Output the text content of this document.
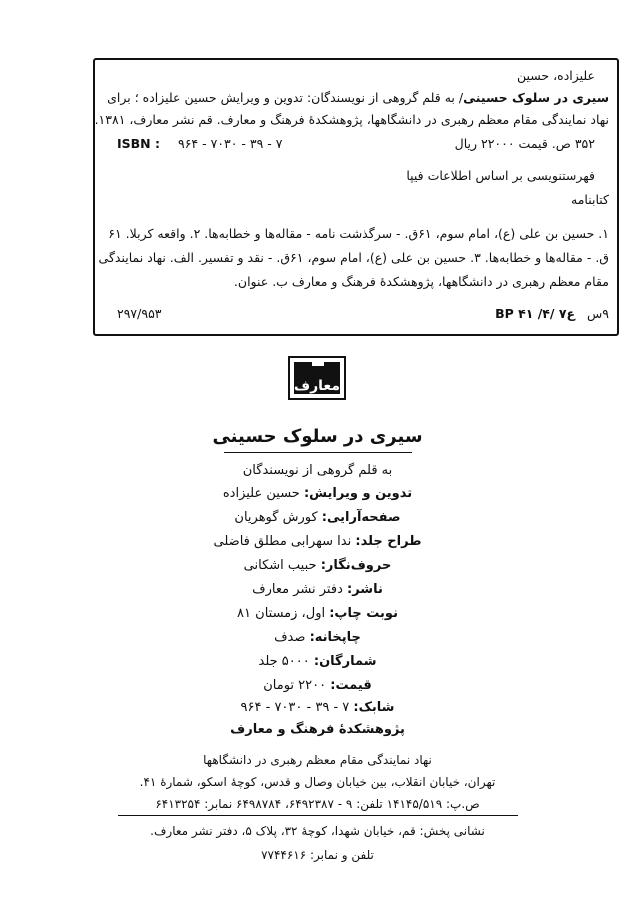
علیزاده، حسین
سیری در سلوک حسینی/ به قلم گروهی از نویسندگان: تدوین و ویرایش حسین علیزاده ؛ برای
نهاد نمایندگی مقام معظم رهبری در دانشگاهها، پژوهشکدهٔ فرهنگ و معارف. قم نشر معارف، ۱۳۸۱.
۳۵۲ ص. قیمت ۲۲۰۰۰ ریال
ISBN : ۹۶۴ - ۷۰۳۰ - ۳۹ - ۷
فهرستنویسی بر اساس اطلاعات فیپا
کتابنامه
۱. حسین بن علی (ع)، امام سوم، ۶۱ق. - سرگذشت نامه - مقاله‌ها و خطابه‌ها. ۲. واقعه کربلا. ۶۱
ق. - مقاله‌ها و خطابه‌ها. ۳. حسین بن علی (ع)، امام سوم، ۶۱ق. - نقد و تفسیر. الف. نهاد نمایندگی
مقام معظم رهبری در دانشگاهها، پژوهشکدهٔ فرهنگ و معارف ب. عنوان.
۹س BP ۴۱ /۴/ ۷ع
۲۹۷/۹۵۳
معارف
سیری در سلوک حسینی
به قلم گروهی از نویسندگان
تدوین و ویرایش: حسین علیزاده
صفحه‌آرایی: کورش گوهریان
طراح جلد: ندا سهرابی مطلق فاضلی
حروف‌نگار: حبیب اشکانی
ناشر: دفتر نشر معارف
نوبت چاپ: اول، زمستان ۸۱
چاپخانه: صدف
شمارگان: ۵۰۰۰ جلد
قیمت: ۲۲۰۰ تومان
شابک: ۷ - ۳۹ - ۷۰۳۰ - ۹۶۴
پژوهشکدهٔ فرهنگ و معارف
نهاد نمایندگی مقام معظم رهبری در دانشگاهها
تهران، خیابان انقلاب، بین خیابان وصال و قدس، کوچهٔ اسکو، شمارهٔ ۴۱.
ص.پ: ۱۴۱۴۵/۵۱۹ تلفن: ۹ - ۶۴۹۲۳۸۷، ۶۴۹۸۷۸۴ نمابر: ۶۴۱۳۲۵۴
نشانی پخش: قم، خیابان شهدا، کوچهٔ ۳۲، پلاک ۵، دفتر نشر معارف.
تلفن و نمابر: ۷۷۴۴۶۱۶
